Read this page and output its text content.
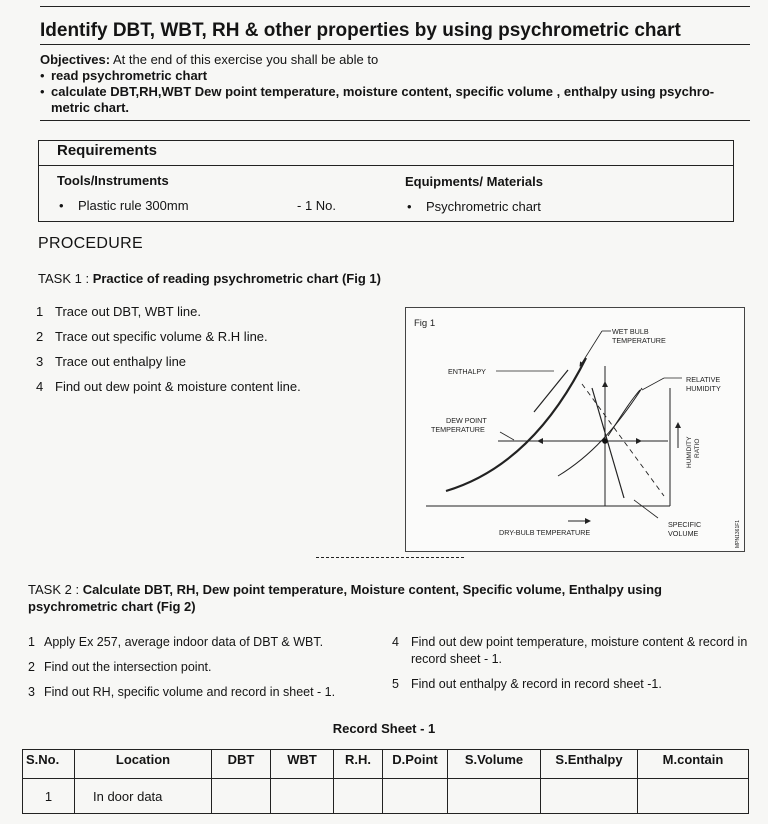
Identify DBT, WBT, RH & other properties by using psychrometric chart
Objectives: At the end of this exercise you shall be able to
• read psychrometric chart
• calculate DBT,RH,WBT Dew point temperature, moisture content, specific volume , enthalpy using psychro-metric chart.
Requirements
Tools/Instruments	Equipments/ Materials
•    Plastic rule 300mm	- 1 No.	•    Psychrometric chart
PROCEDURE
TASK 1 : Practice of reading psychrometric chart (Fig 1)
1 Trace out DBT, WBT line.
2 Trace out specific volume & R.H line.
3 Trace out enthalpy line
4 Find out dew point & moisture content line.
Fig 1
WET BULB
TEMPERATURE
ENTHALPY
RELATIVE
HUMIDITY
DEW POINT
TEMPERATURE
HUMIDITY RATIO
SPECIFIC
VOLUME
DRY-BULB TEMPERATURE	MPN1361F1
TASK 2 : Calculate DBT, RH, Dew point temperature, Moisture content, Specific volume, Enthalpy using psychrometric chart (Fig 2)
1 Apply Ex 257, average indoor data of DBT & WBT.
2 Find out the intersection point.
3 Find out RH, specific volume and record in sheet - 1.
4 Find out dew point temperature, moisture content & record in record sheet - 1.
5 Find out enthalpy & record in record sheet -1.
Record Sheet - 1
S.No.	Location	DBT	WBT	R.H.	D.Point	S.Volume	S.Enthalpy	M.contain
1	In door data							
